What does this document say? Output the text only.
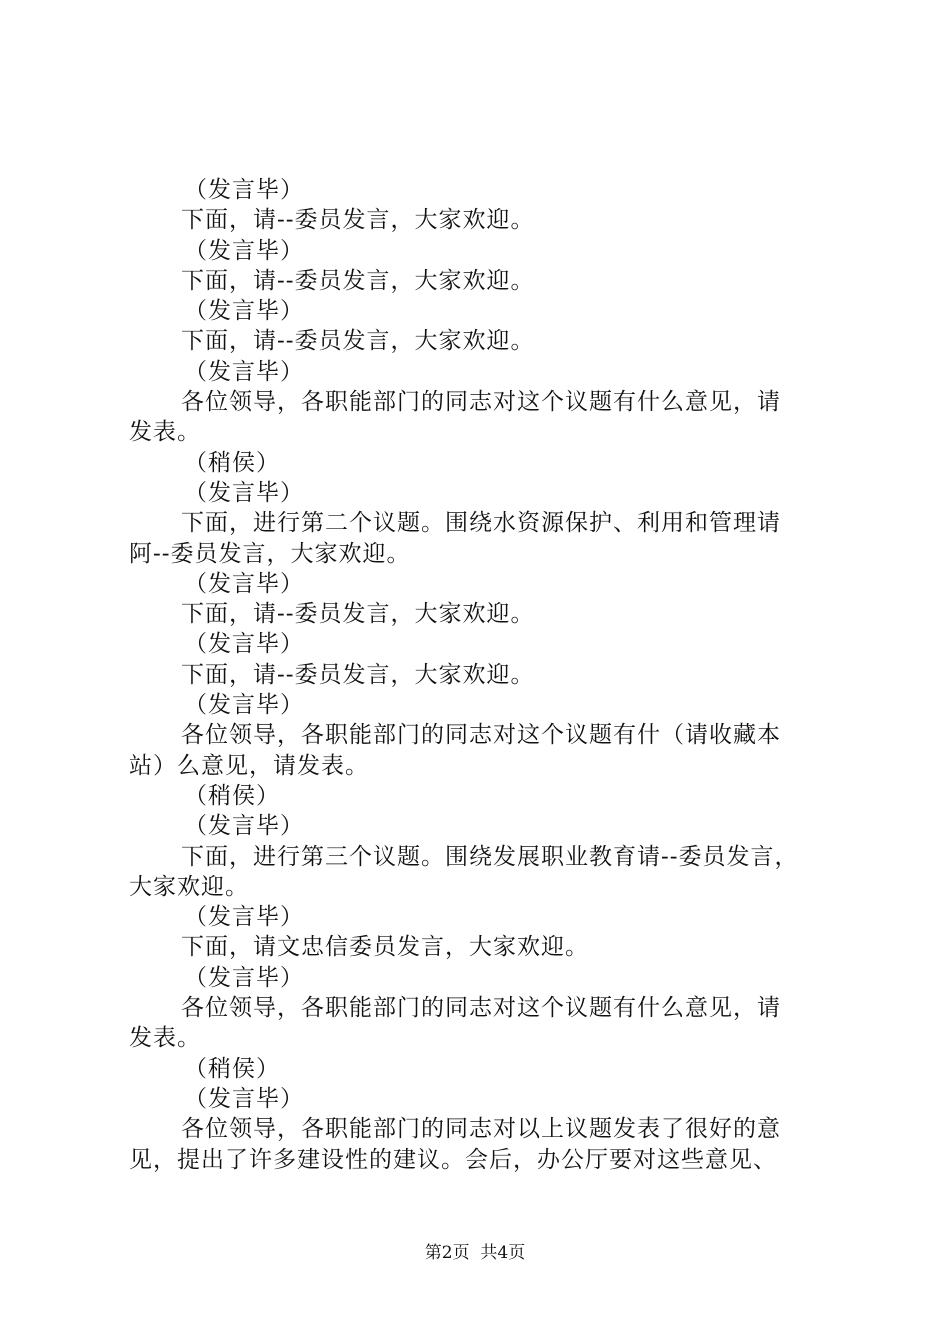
（发言毕）
下面，请--委员发言，大家欢迎。
（发言毕）
下面，请--委员发言，大家欢迎。
（发言毕）
下面，请--委员发言，大家欢迎。
（发言毕）
各位领导，各职能部门的同志对这个议题有什么意见，请
发表。
（稍侯）
（发言毕）
下面，进行第二个议题。围绕水资源保护、利用和管理请
阿--委员发言，大家欢迎。
（发言毕）
下面，请--委员发言，大家欢迎。
（发言毕）
下面，请--委员发言，大家欢迎。
（发言毕）
各位领导，各职能部门的同志对这个议题有什（请收藏本
站）么意见，请发表。
（稍侯）
（发言毕）
下面，进行第三个议题。围绕发展职业教育请--委员发言，
大家欢迎。
（发言毕）
下面，请文忠信委员发言，大家欢迎。
（发言毕）
各位领导，各职能部门的同志对这个议题有什么意见，请
发表。
（稍侯）
（发言毕）
各位领导，各职能部门的同志对以上议题发表了很好的意
见，提出了许多建设性的建议。会后，办公厅要对这些意见、
第2页  共4页
